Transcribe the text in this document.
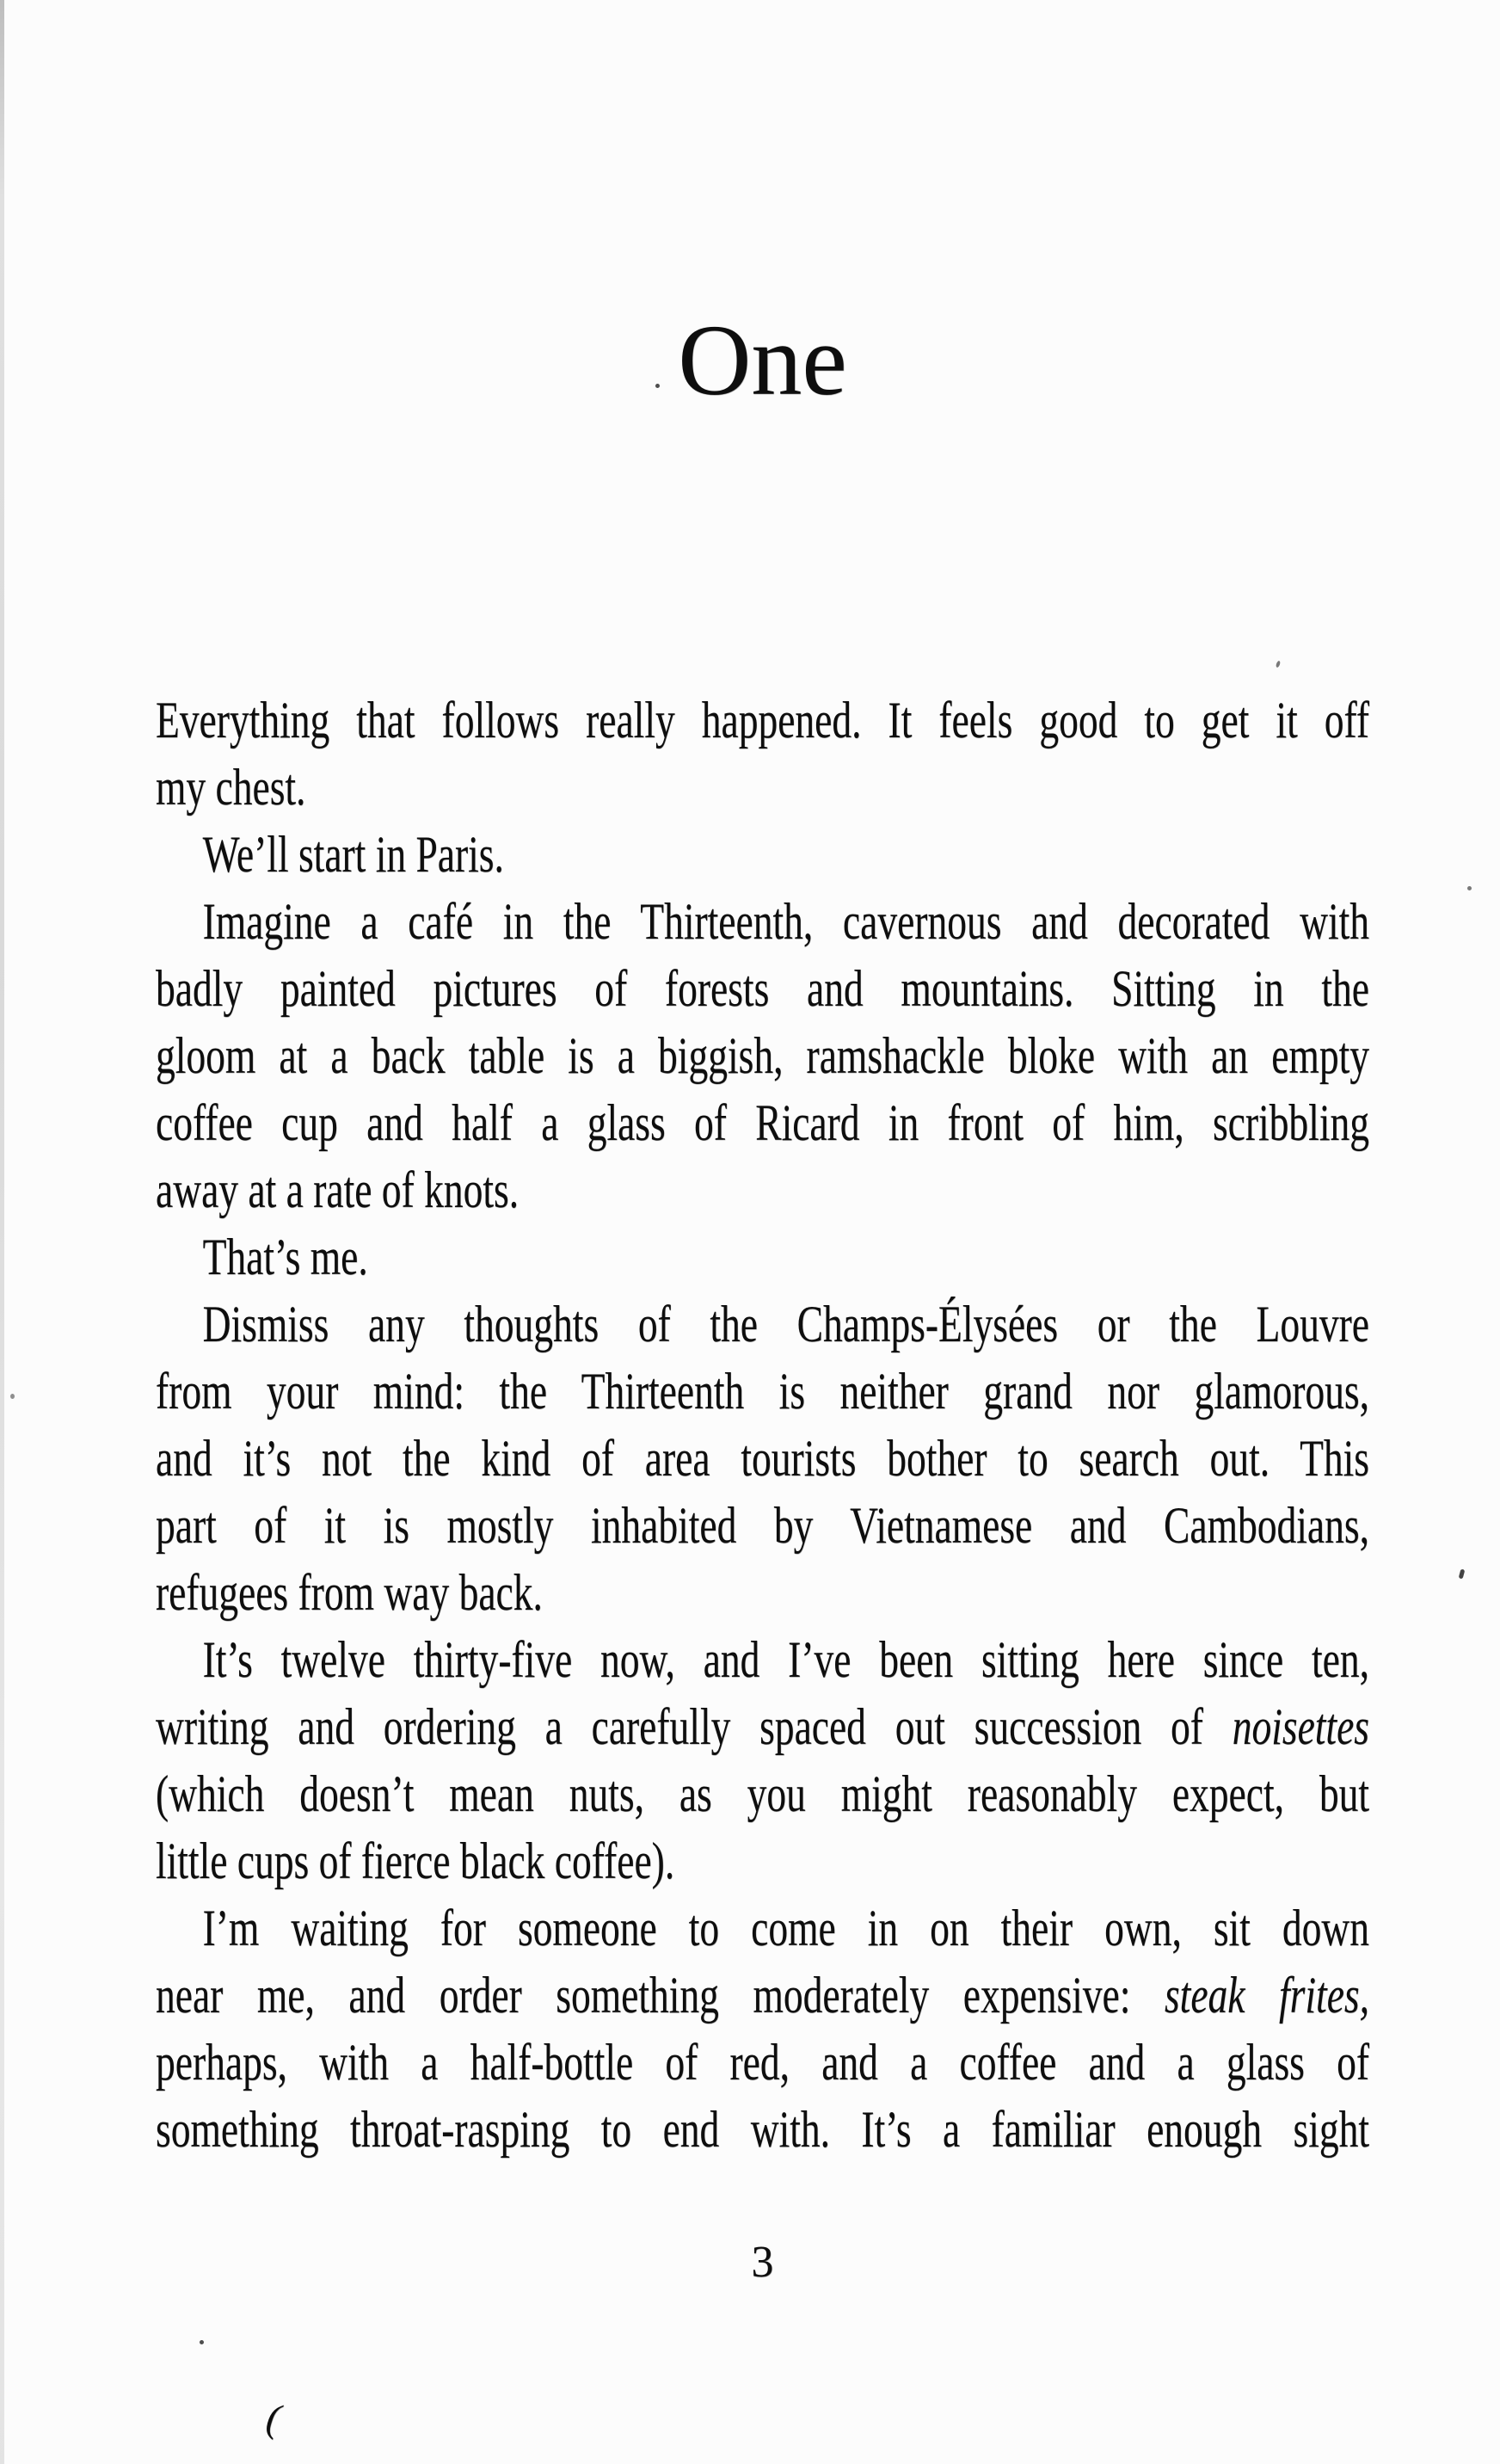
One
Everything that follows really happened. It feels good to get it off
my chest.
We’ll start in Paris.
Imagine a café in the Thirteenth, cavernous and decorated with
badly painted pictures of forests and mountains. Sitting in the
gloom at a back table is a biggish, ramshackle bloke with an empty
coffee cup and half a glass of Ricard in front of him, scribbling
away at a rate of knots.
That’s me.
Dismiss any thoughts of the Champs-Élysées or the Louvre
from your mind: the Thirteenth is neither grand nor glamorous,
and it’s not the kind of area tourists bother to search out. This
part of it is mostly inhabited by Vietnamese and Cambodians,
refugees from way back.
It’s twelve thirty-five now, and I’ve been sitting here since ten,
writing and ordering a carefully spaced out succession of noisettes
(which doesn’t mean nuts, as you might reasonably expect, but
little cups of fierce black coffee).
I’m waiting for someone to come in on their own, sit down
near me, and order something moderately expensive: steak frites,
perhaps, with a half-bottle of red, and a coffee and a glass of
something throat-rasping to end with. It’s a familiar enough sight
3
(
